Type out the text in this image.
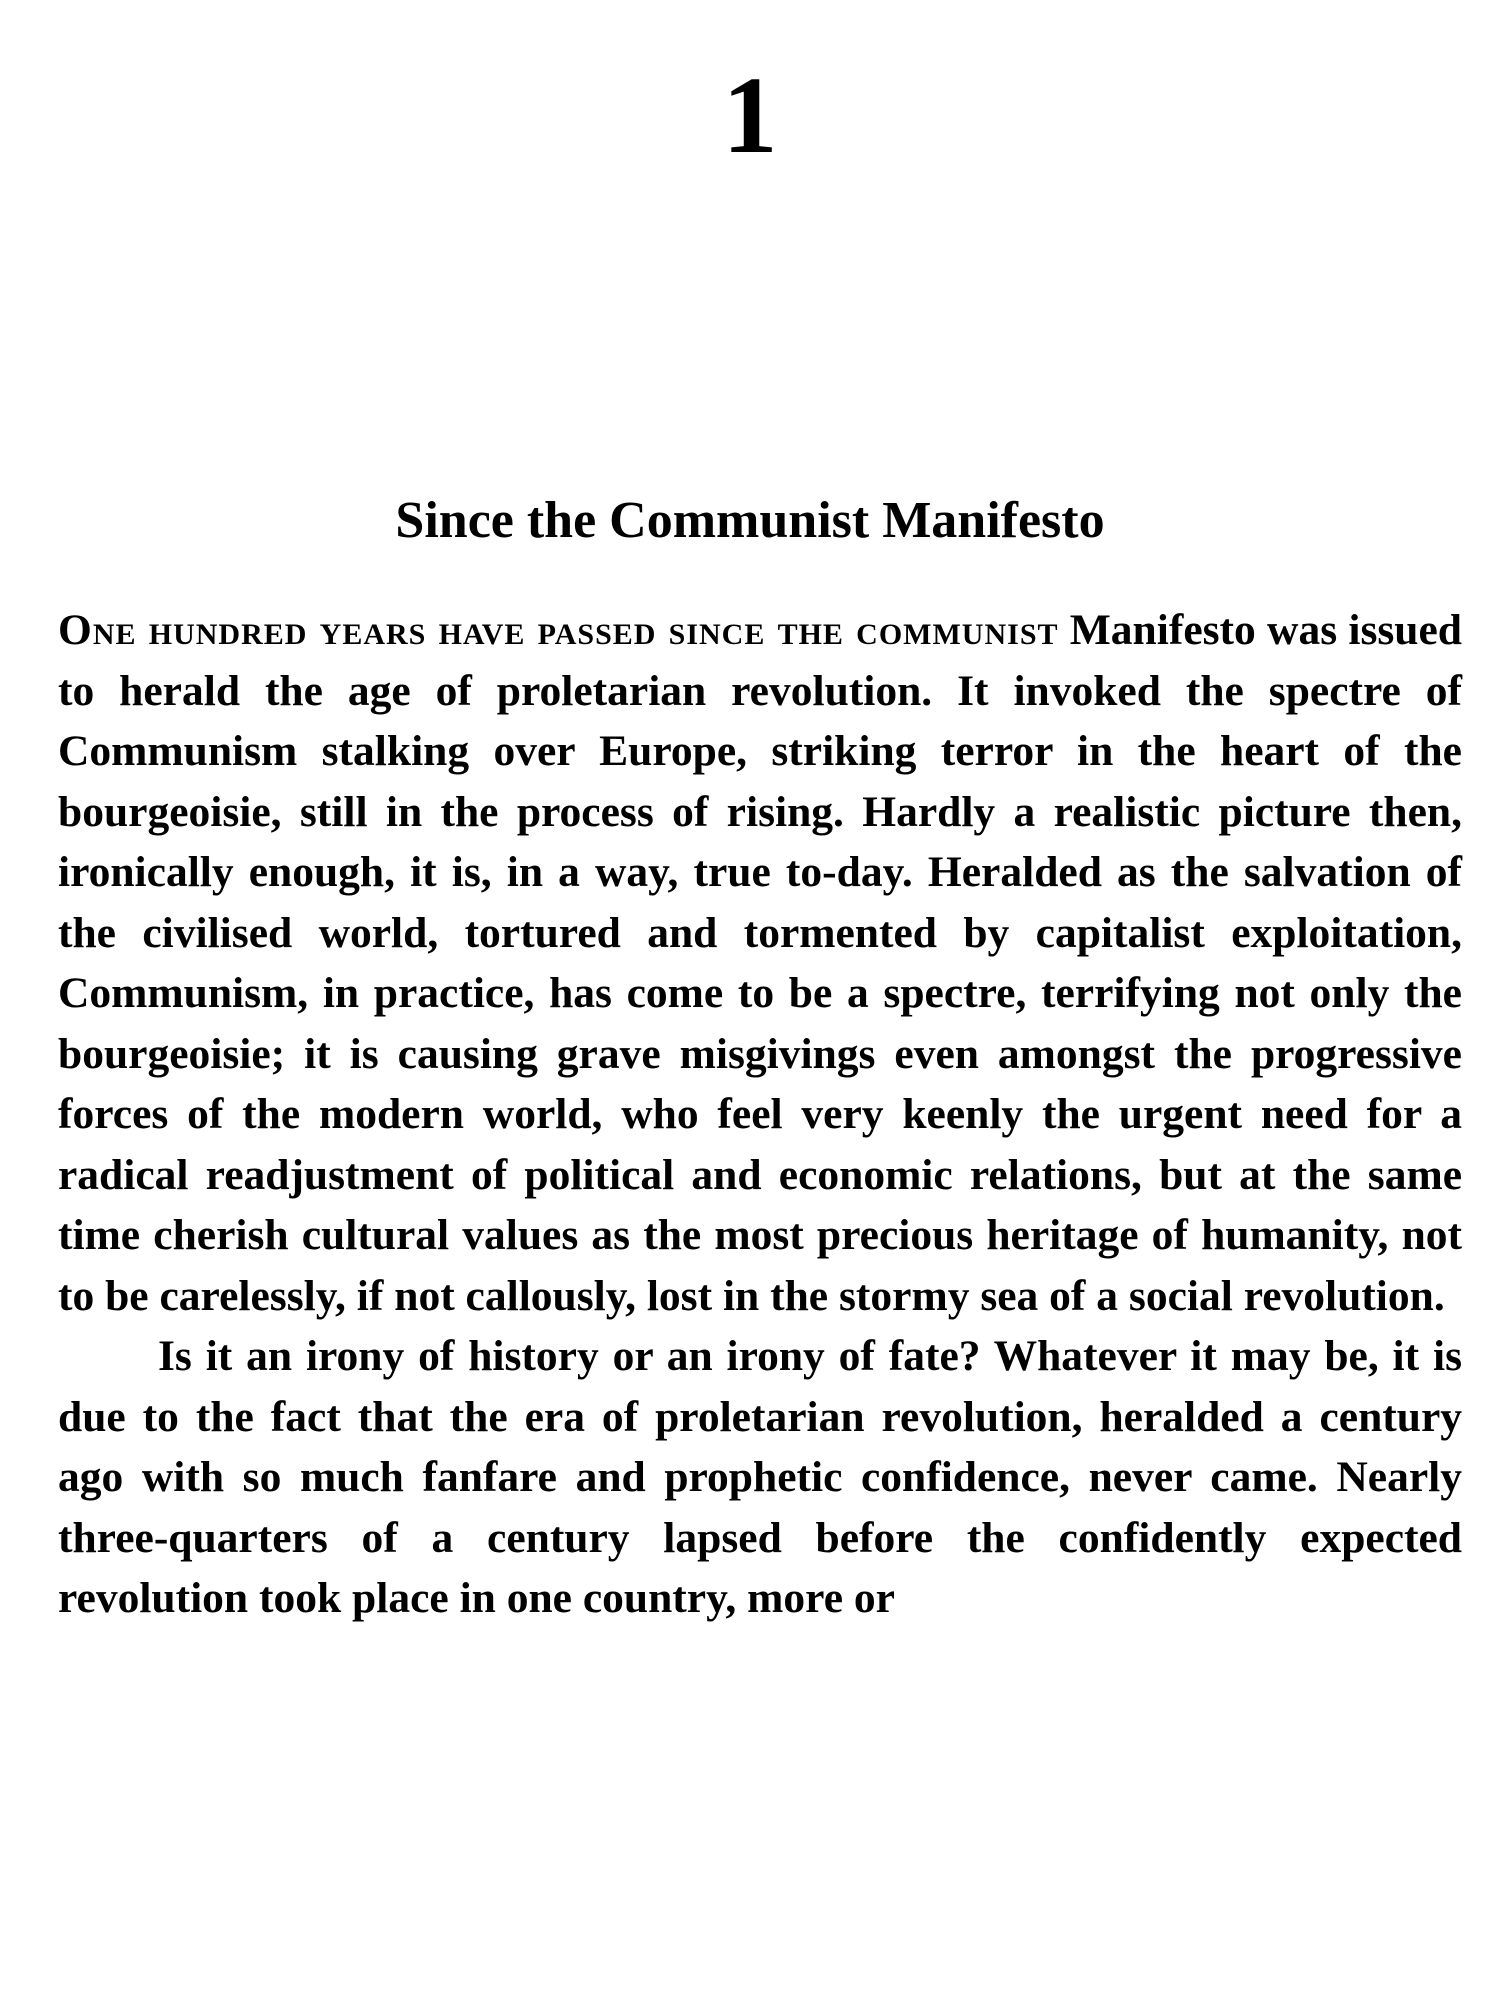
1
Since the Communist Manifesto

One hundred years have passed since the communist Manifesto was issued to herald the age of proletarian revolution. It invoked the spectre of Communism stalking over Europe, striking terror in the heart of the bourgeoisie, still in the process of rising. Hardly a realistic picture then, ironically enough, it is, in a way, true to-day. Heralded as the salvation of the civilised world, tortured and tormented by capitalist exploitation, Communism, in practice, has come to be a spectre, terrifying not only the bourgeoisie; it is causing grave misgivings even amongst the progressive forces of the modern world, who feel very keenly the urgent need for a radical readjustment of political and economic relations, but at the same time cherish cultural values as the most precious heritage of humanity, not to be carelessly, if not callously, lost in the stormy sea of a social revolution.

Is it an irony of history or an irony of fate? Whatever it may be, it is due to the fact that the era of proletarian revolution, heralded a century ago with so much fanfare and prophetic confidence, never came. Nearly three-quarters of a century lapsed before the confidently expected revolution took place in one country, more or
